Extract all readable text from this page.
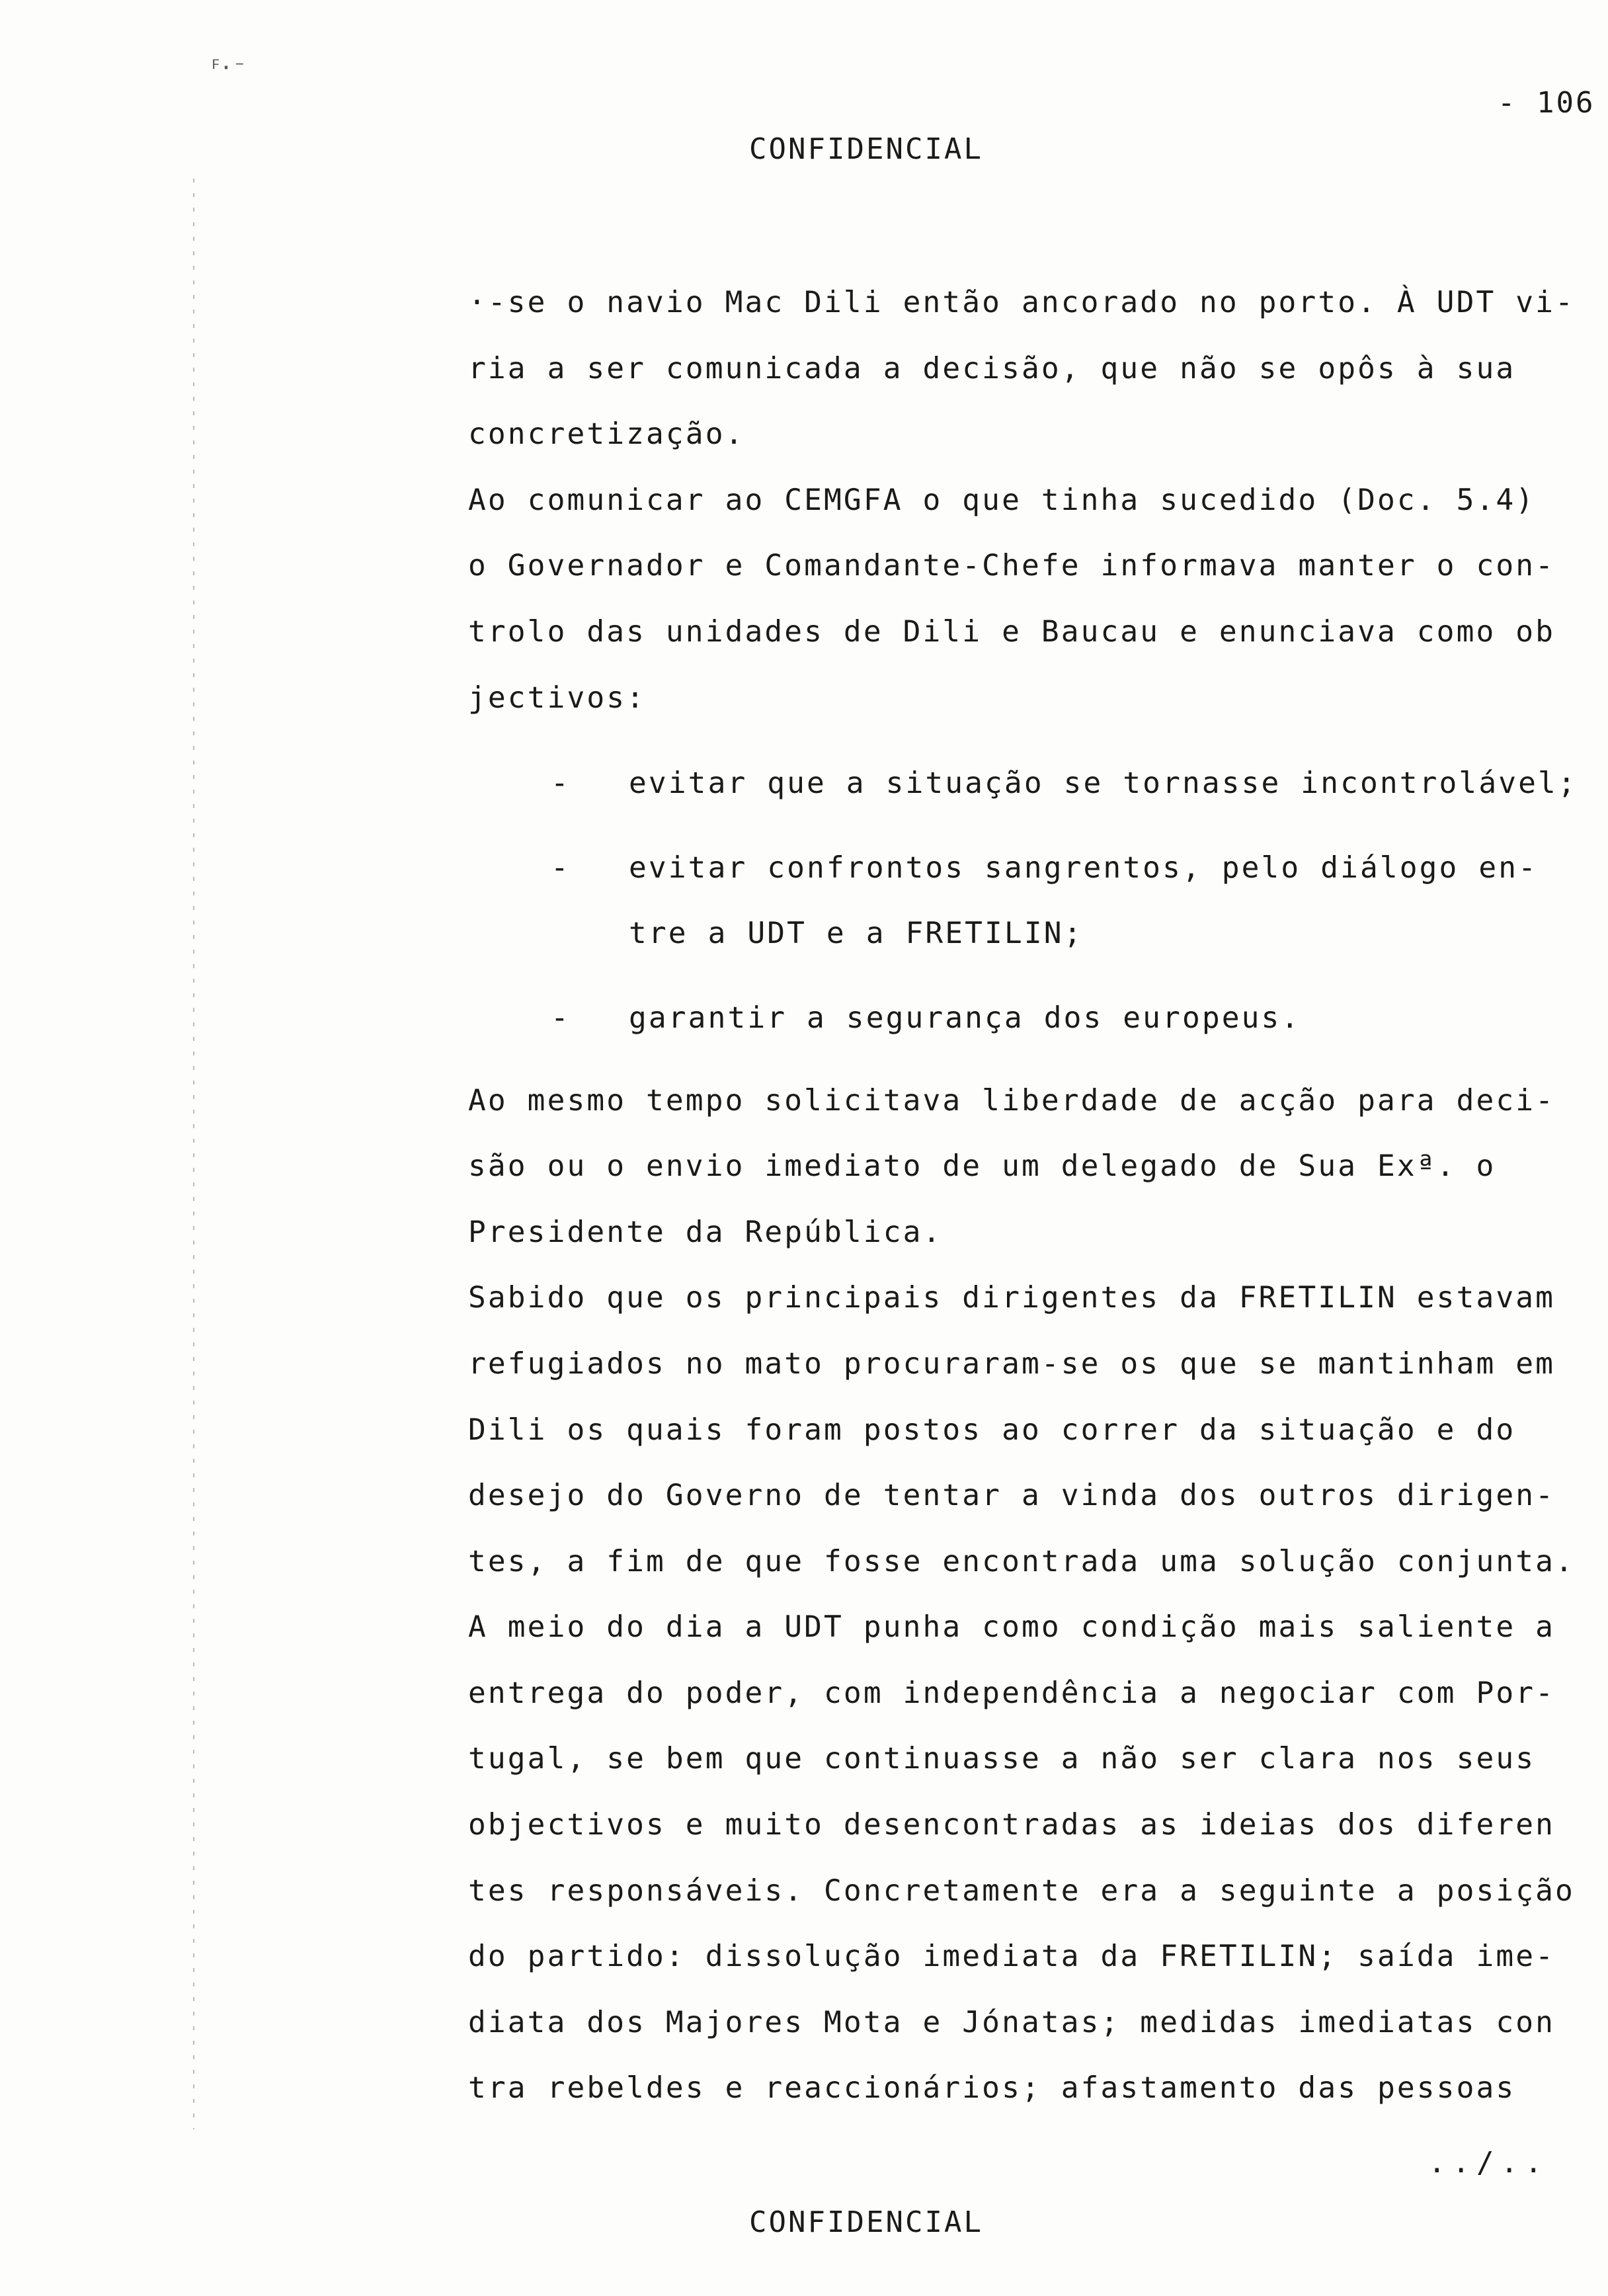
ꟳ·⁻
- 106
CONFIDENCIAL
·-se o navio Mac Dili então ancorado no porto. À UDT vi-
ria a ser comunicada a decisão, que não se opôs à sua
concretização.
Ao comunicar ao CEMGFA o que tinha sucedido (Doc. 5.4)
o Governador e Comandante-Chefe informava manter o con-
trolo das unidades de Dili e Baucau e enunciava como ob
jectivos:
- evitar que a situação se tornasse incontrolável;
- evitar confrontos sangrentos, pelo diálogo en-
tre a UDT e a FRETILIN;
- garantir a segurança dos europeus.
Ao mesmo tempo solicitava liberdade de acção para deci-
são ou o envio imediato de um delegado de Sua Exª. o
Presidente da República.
Sabido que os principais dirigentes da FRETILIN estavam
refugiados no mato procuraram-se os que se mantinham em
Dili os quais foram postos ao correr da situação e do
desejo do Governo de tentar a vinda dos outros dirigen-
tes, a fim de que fosse encontrada uma solução conjunta.
A meio do dia a UDT punha como condição mais saliente a
entrega do poder, com independência a negociar com Por-
tugal, se bem que continuasse a não ser clara nos seus
objectivos e muito desencontradas as ideias dos diferen
tes responsáveis. Concretamente era a seguinte a posição
do partido: dissolução imediata da FRETILIN; saída ime-
diata dos Majores Mota e Jónatas; medidas imediatas con
tra rebeldes e reaccionários; afastamento das pessoas
../..
CONFIDENCIAL
